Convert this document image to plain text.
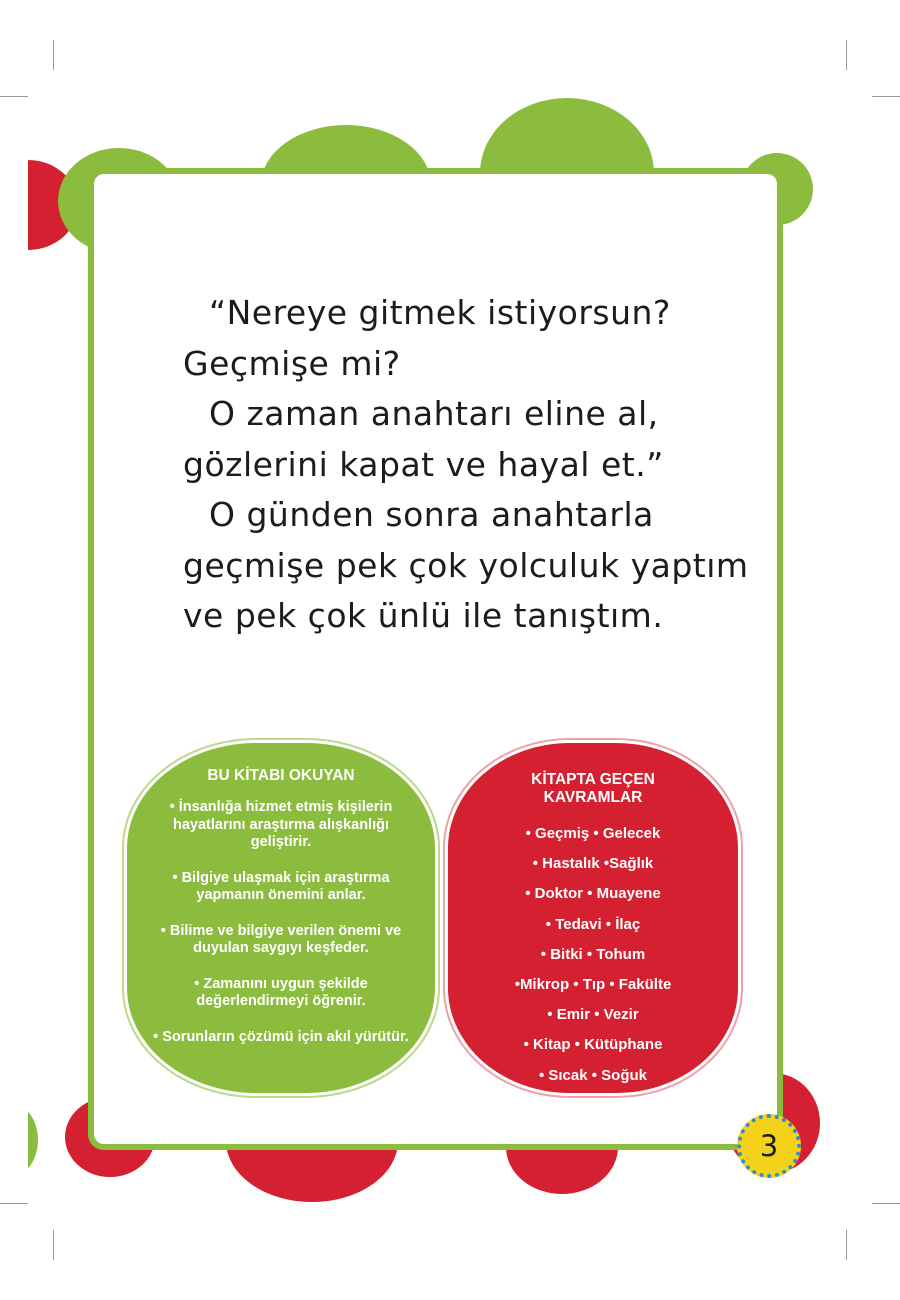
“Nereye gitmek istiyorsun?

Geçmişe mi?

O zaman anahtarı eline al,

gözlerini kapat ve hayal et.”

O günden sonra anahtarla

geçmişe pek çok yolculuk yaptım

ve pek çok ünlü ile tanıştım.

BU KİTABI OKUYAN
• İnsanlığa hizmet etmiş kişilerin hayatlarını araştırma alışkanlığı geliştirir.
• Bilgiye ulaşmak için araştırma yapmanın önemini anlar.
• Bilime ve bilgiye verilen önemi ve duyulan saygıyı keşfeder.
• Zamanını uygun şekilde değerlendirmeyi öğrenir.
• Sorunların çözümü için akıl yürütür.
KİTAPTA GEÇEN KAVRAMLAR
• Geçmiş • Gelecek
• Hastalık •Sağlık
• Doktor • Muayene
• Tedavi • İlaç
• Bitki • Tohum
•Mikrop • Tıp • Fakülte
• Emir • Vezir
• Kitap • Kütüphane
• Sıcak • Soğuk
3
